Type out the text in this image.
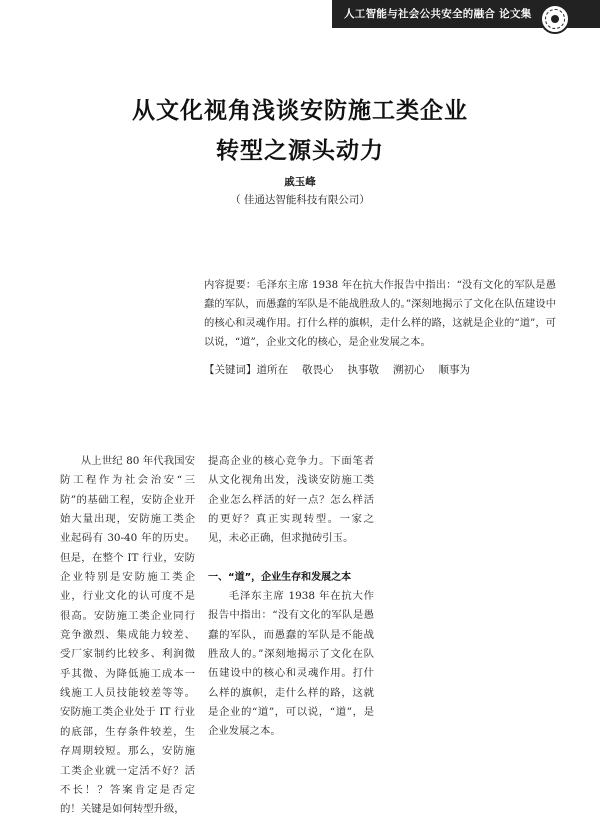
人工智能与社会公共安全的融合 论文集
从文化视角浅谈安防施工类企业
转型之源头动力
戚玉峰
（ 佳通达智能科技有限公司）
内容提要：毛泽东主席 1938 年在抗大作报告中指出：“没有文化的军队是愚蠢的军队，而愚蠢的军队是不能战胜敌人的。”深刻地揭示了文化在队伍建设中的核心和灵魂作用。打什么样的旗帜，走什么样的路，这就是企业的“道”，可以说，“道”，企业文化的核心，是企业发展之本。
【关键词】道所在 敬畏心 执事敬 溯初心 顺事为
从上世纪 80 年代我国安防工程作为社会治安“三防”的基础工程，安防企业开始大量出现，安防施工类企业起码有 30-40 年的历史。但是，在整个 IT 行业，安防企业特别是安防施工类企业，行业文化的认可度不是很高。安防施工类企业同行竞争激烈、集成能力较差、受厂家制约比较多、利润微乎其微、为降低施工成本一线施工人员技能较差等等。安防施工类企业处于 IT 行业的底部，生存条件较差，生存周期较短。那么，安防施工类企业就一定活不好？活不长！？答案肯定是否定的！关键是如何转型升级，
提高企业的核心竞争力。下面笔者从文化视角出发，浅谈安防施工类企业怎么样活的好一点？怎么样活的更好？真正实现转型。一家之见，未必正确，但求抛砖引玉。
一、“道”，企业生存和发展之本
毛泽东主席 1938 年在抗大作报告中指出：“没有文化的军队是愚蠢的军队，而愚蠢的军队是不能战胜敌人的。”深刻地揭示了文化在队伍建设中的核心和灵魂作用。打什么样的旗帜，走什么样的路，这就是企业的“道”，可以说，“道”，是企业发展之本。
